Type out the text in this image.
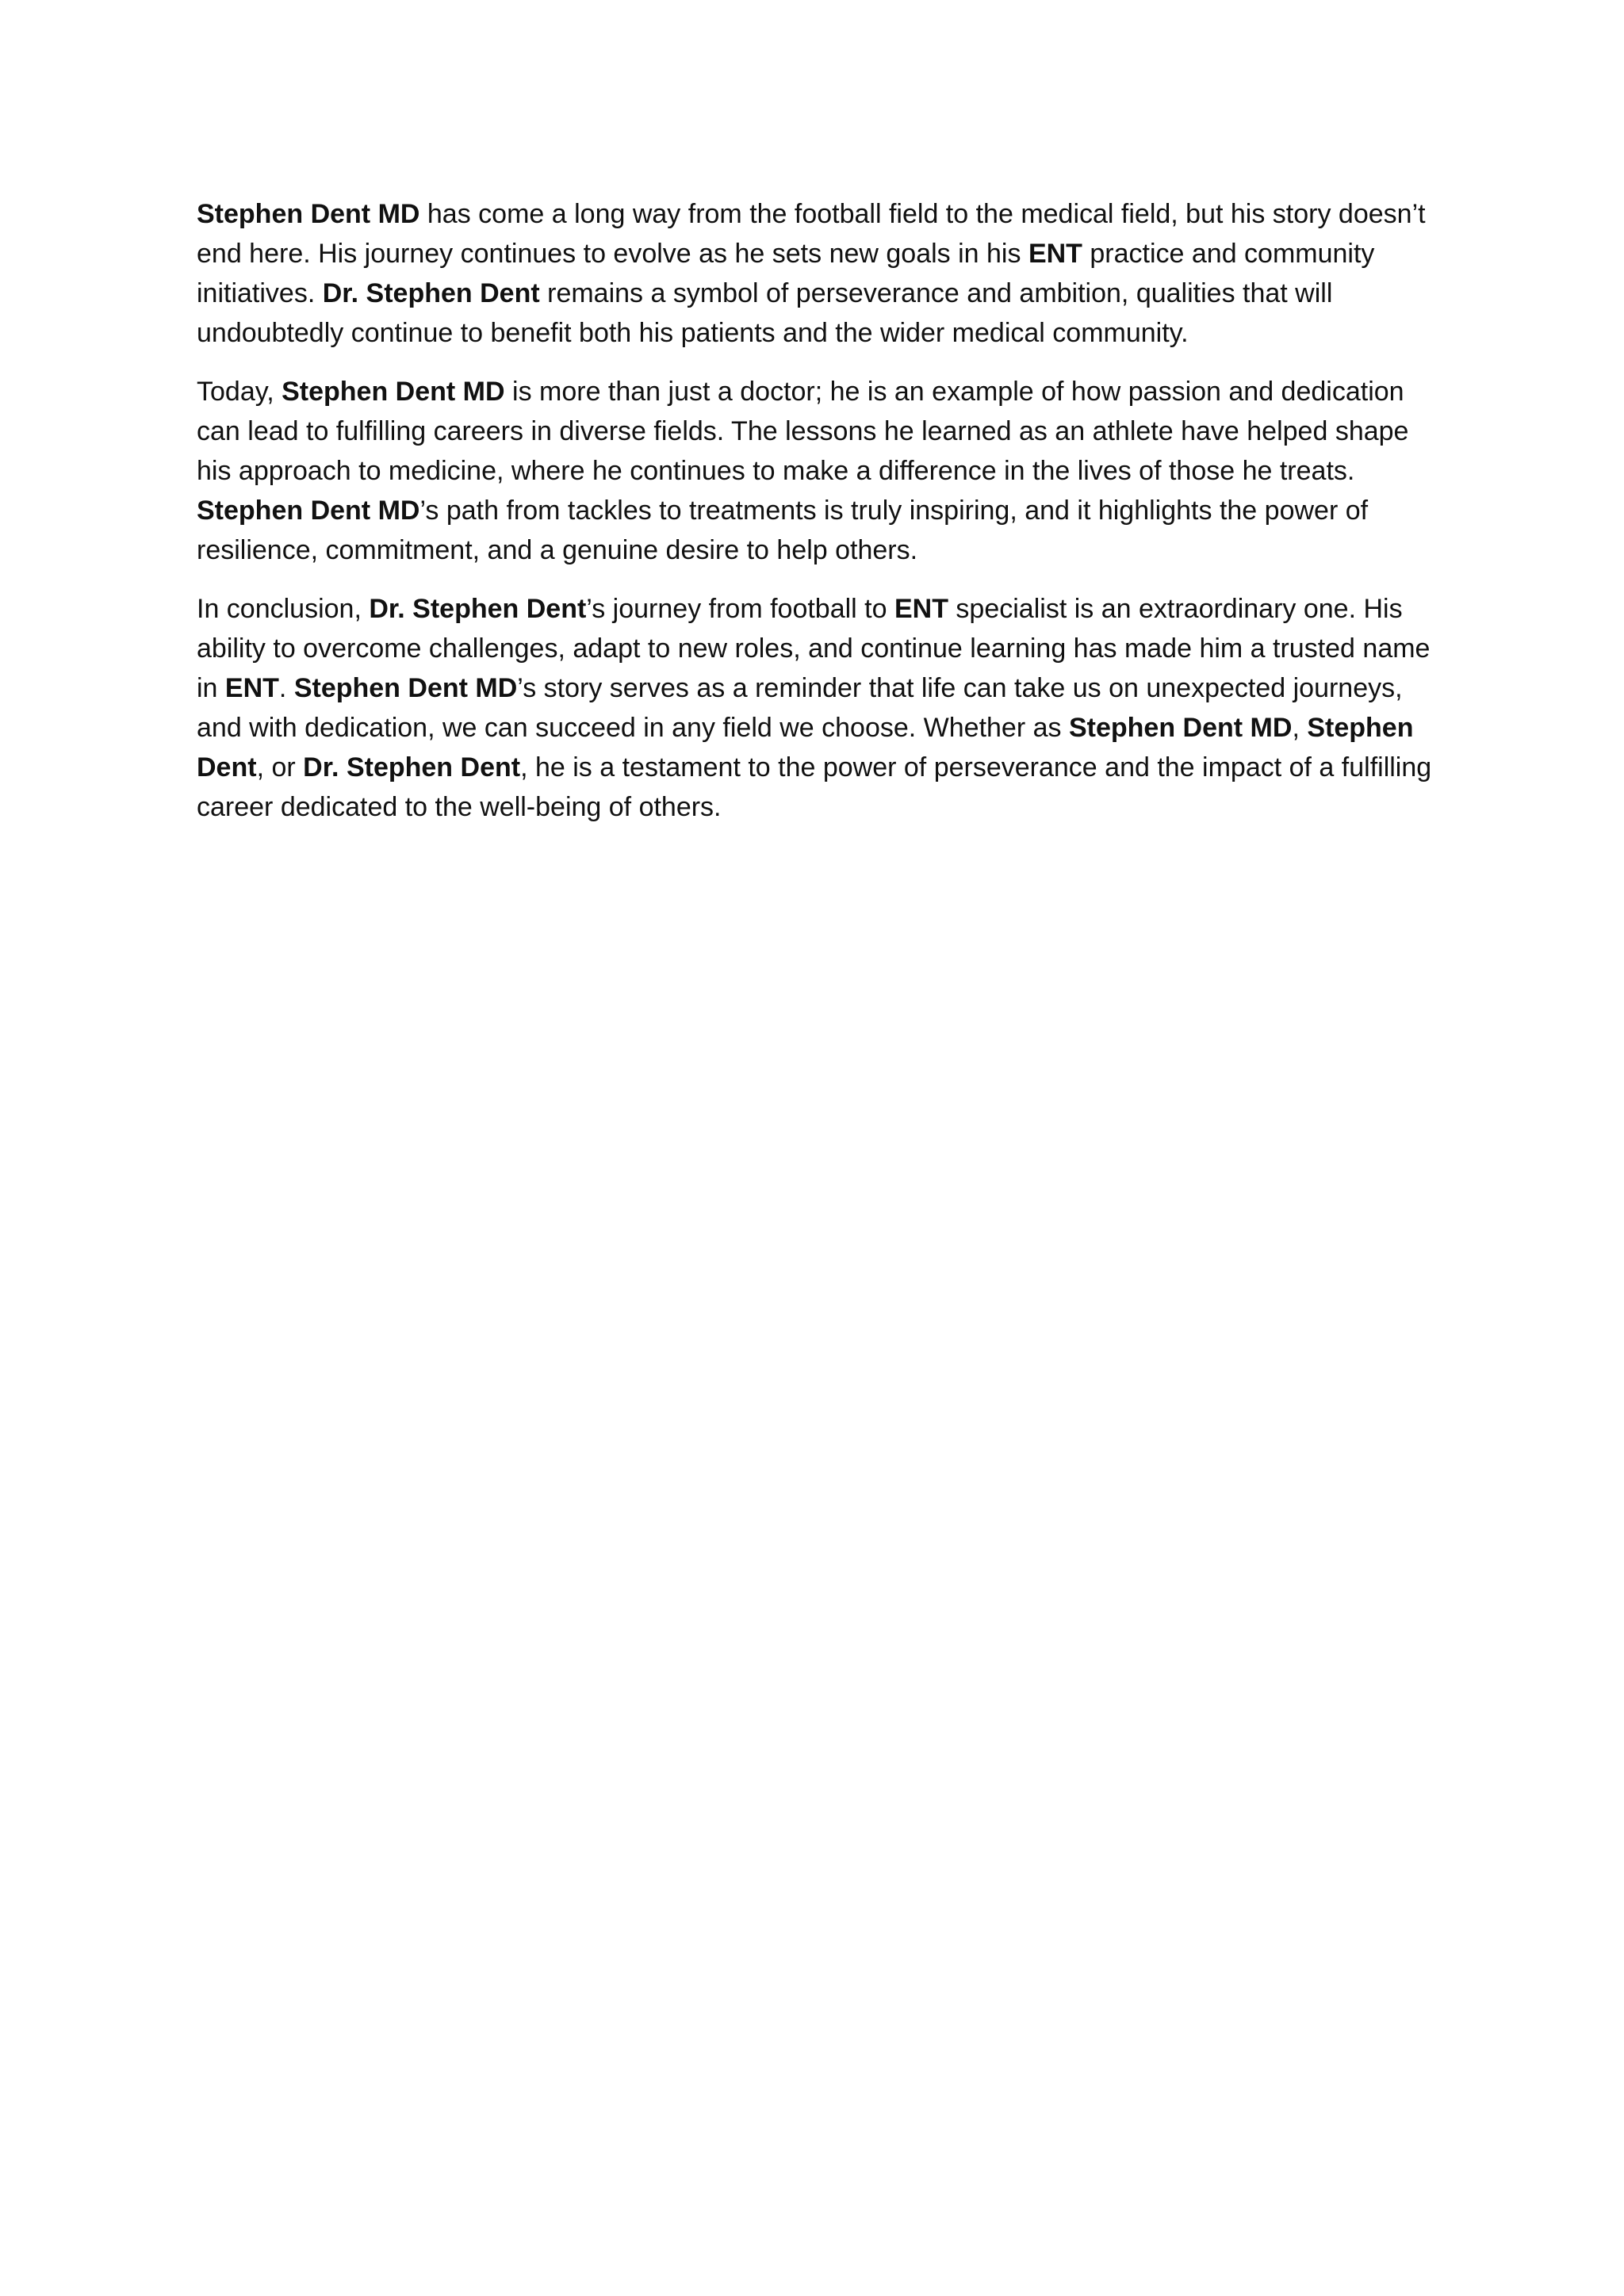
Stephen Dent MD has come a long way from the football field to the medical field, but his story doesn’t end here. His journey continues to evolve as he sets new goals in his ENT practice and community initiatives. Dr. Stephen Dent remains a symbol of perseverance and ambition, qualities that will undoubtedly continue to benefit both his patients and the wider medical community.

Today, Stephen Dent MD is more than just a doctor; he is an example of how passion and dedication can lead to fulfilling careers in diverse fields. The lessons he learned as an athlete have helped shape his approach to medicine, where he continues to make a difference in the lives of those he treats. Stephen Dent MD’s path from tackles to treatments is truly inspiring, and it highlights the power of resilience, commitment, and a genuine desire to help others.

In conclusion, Dr. Stephen Dent’s journey from football to ENT specialist is an extraordinary one. His ability to overcome challenges, adapt to new roles, and continue learning has made him a trusted name in ENT. Stephen Dent MD’s story serves as a reminder that life can take us on unexpected journeys, and with dedication, we can succeed in any field we choose. Whether as Stephen Dent MD, Stephen Dent, or Dr. Stephen Dent, he is a testament to the power of perseverance and the impact of a fulfilling career dedicated to the well-being of others.
